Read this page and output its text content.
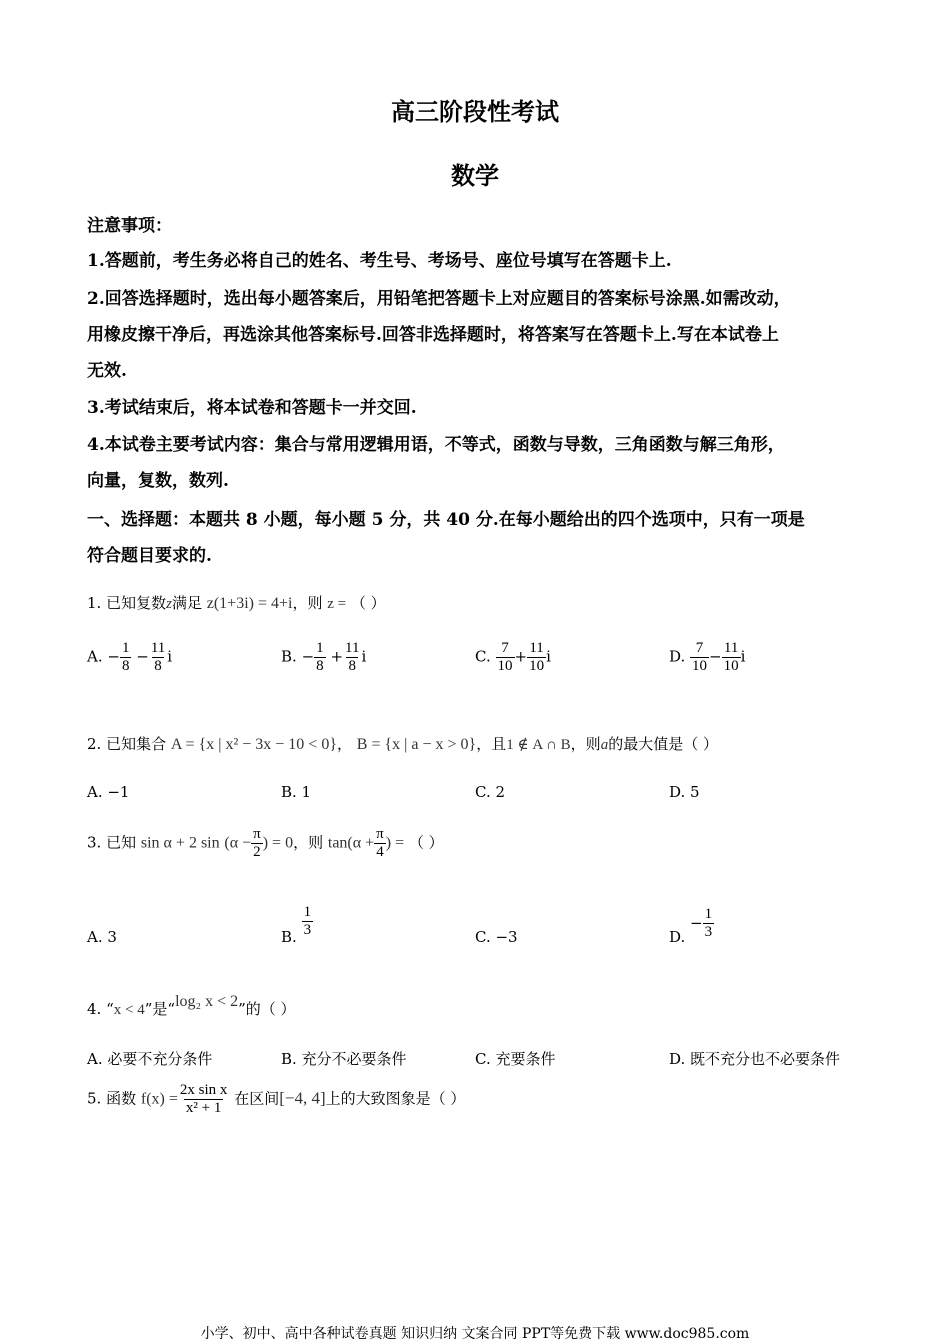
高三阶段性考试
数学
注意事项：
1.答题前，考生务必将自己的姓名、考生号、考场号、座位号填写在答题卡上.
2.回答选择题时，选出每小题答案后，用铅笔把答题卡上对应题目的答案标号涂黑.如需改动，
用橡皮擦干净后，再选涂其他答案标号.回答非选择题时，将答案写在答题卡上.写在本试卷上
无效.
3.考试结束后，将本试卷和答题卡一并交回.
4.本试卷主要考试内容：集合与常用逻辑用语，不等式，函数与导数，三角函数与解三角形，
向量，复数，数列.
一、选择题：本题共 8 小题，每小题 5 分，共 40 分.在每小题给出的四个选项中，只有一项是
符合题目要求的.
1. 已知复数z满足 z(1+3i) = 4+i，则 z = （ ）
A. − $\frac{1}{8} - \frac{11}{8}$ i	B. − $\frac{1}{8} + \frac{11}{8}$ i	C. $\frac{7}{10} + \frac{11}{10}$ i	D. $\frac{7}{10} - \frac{11}{10}$ i
2. 已知集合 A = {x | x² − 3x − 10 < 0}， B = {x | a − x > 0}，且1 ∉ A ∩ B，则a的最大值是（ ）
A. −1	B. 1	C. 2	D. 5
3. 已知 sin α + 2 $\sin (\alpha - \frac{\pi}{2}$ ) = 0，则 $\tan(\alpha + \frac{\pi}{4}$ ) = （ ）
A. 3	B. $\frac{1}{3}$	C. −3	D. − $\frac{1}{3}$
4. “x < 4”是“log₂ x < 2”的（ ）
A. 必要不充分条件	B. 充分不必要条件	C. 充要条件	D. 既不充分也不必要条件
5. 函数 $f(x) = \frac{\text{2x sin x}}{\text{x² + 1}}$ 在区间[−4, 4]上的大致图象是（ ）
小学、初中、高中各种试卷真题 知识归纳 文案合同 PPT等免费下载 www.doc985.com
